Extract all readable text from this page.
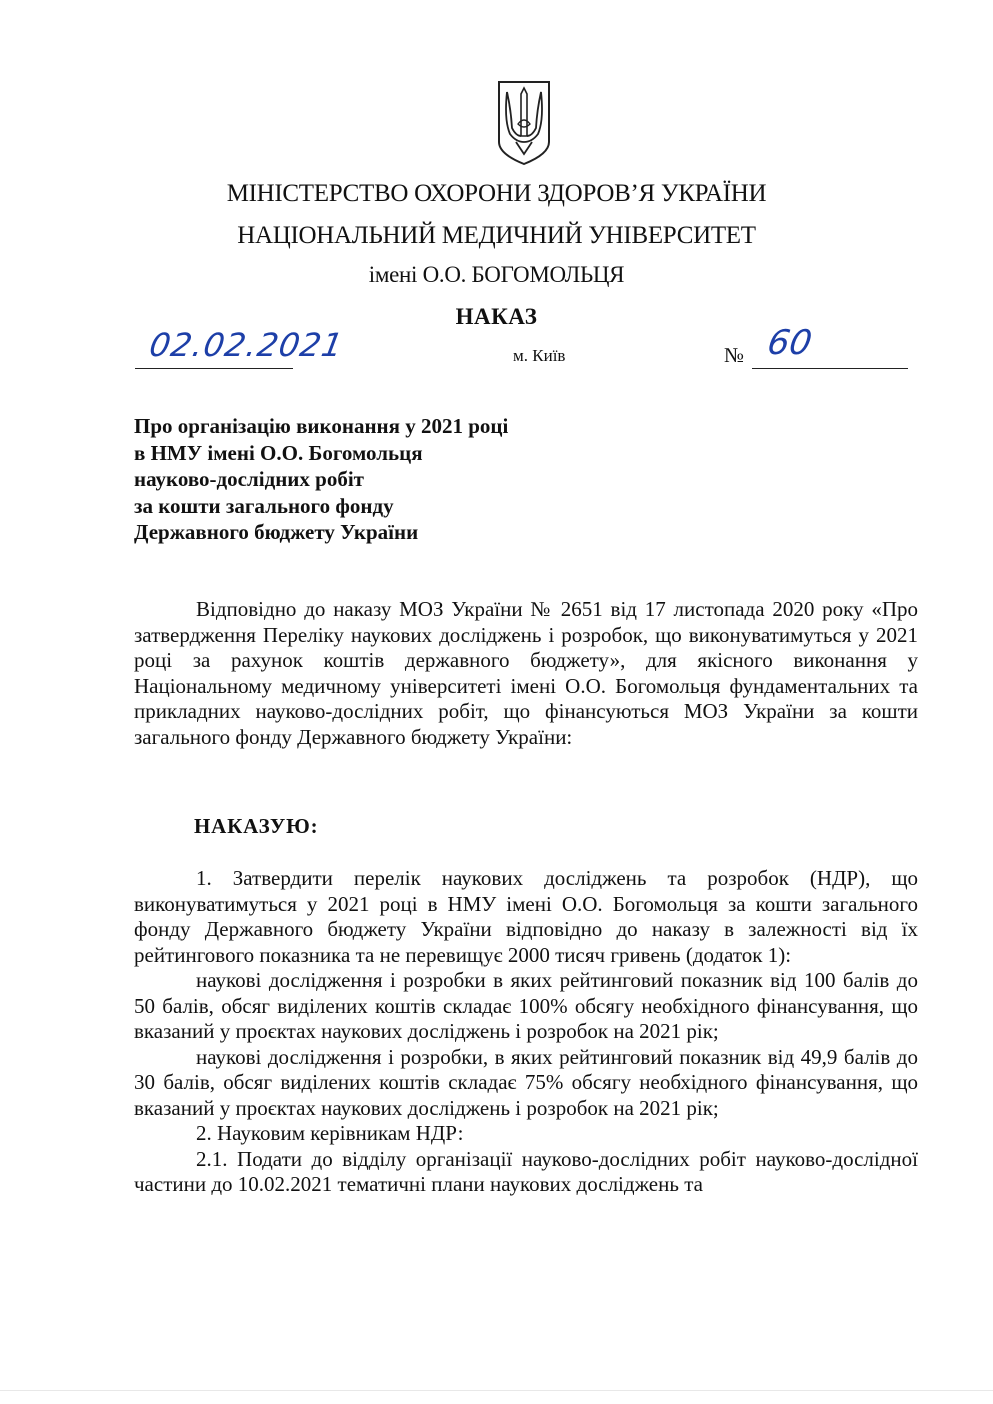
МІНІСТЕРСТВО ОХОРОНИ ЗДОРОВ’Я УКРАЇНИ
НАЦІОНАЛЬНИЙ МЕДИЧНИЙ УНІВЕРСИТЕТ
імені О.О. БОГОМОЛЬЦЯ
НАКАЗ
02.02.2021	м. Київ	№ 60
Про організацію виконання у 2021 році
в НМУ імені О.О. Богомольця
науково-дослідних робіт
за кошти загального фонду
Державного бюджету України

Відповідно до наказу МОЗ України № 2651 від 17 листопада 2020 року «Про затвердження Переліку наукових досліджень і розробок, що виконуватимуться у 2021 році за рахунок коштів державного бюджету», для якісного виконання у Національному медичному університеті імені О.О. Богомольця фундаментальних та прикладних науково-дослідних робіт, що фінансуються МОЗ України за кошти загального фонду Державного бюджету України:

НАКАЗУЮ:

1. Затвердити перелік наукових досліджень та розробок (НДР), що виконуватимуться у 2021 році в НМУ імені О.О. Богомольця за кошти загального фонду Державного бюджету України відповідно до наказу в залежності від їх рейтингового показника та не перевищує 2000 тисяч гривень (додаток 1):

наукові дослідження і розробки в яких рейтинговий показник від 100 балів до 50 балів, обсяг виділених коштів складає 100% обсягу необхідного фінансування, що вказаний у проєктах наукових досліджень і розробок на 2021 рік;

наукові дослідження і розробки, в яких рейтинговий показник від 49,9 балів до 30 балів, обсяг виділених коштів складає 75% обсягу необхідного фінансування, що вказаний у проєктах наукових досліджень і розробок на 2021 рік;

2. Науковим керівникам НДР:

2.1. Подати до відділу організації науково-дослідних робіт науково-дослідної частини до 10.02.2021 тематичні плани наукових досліджень та
